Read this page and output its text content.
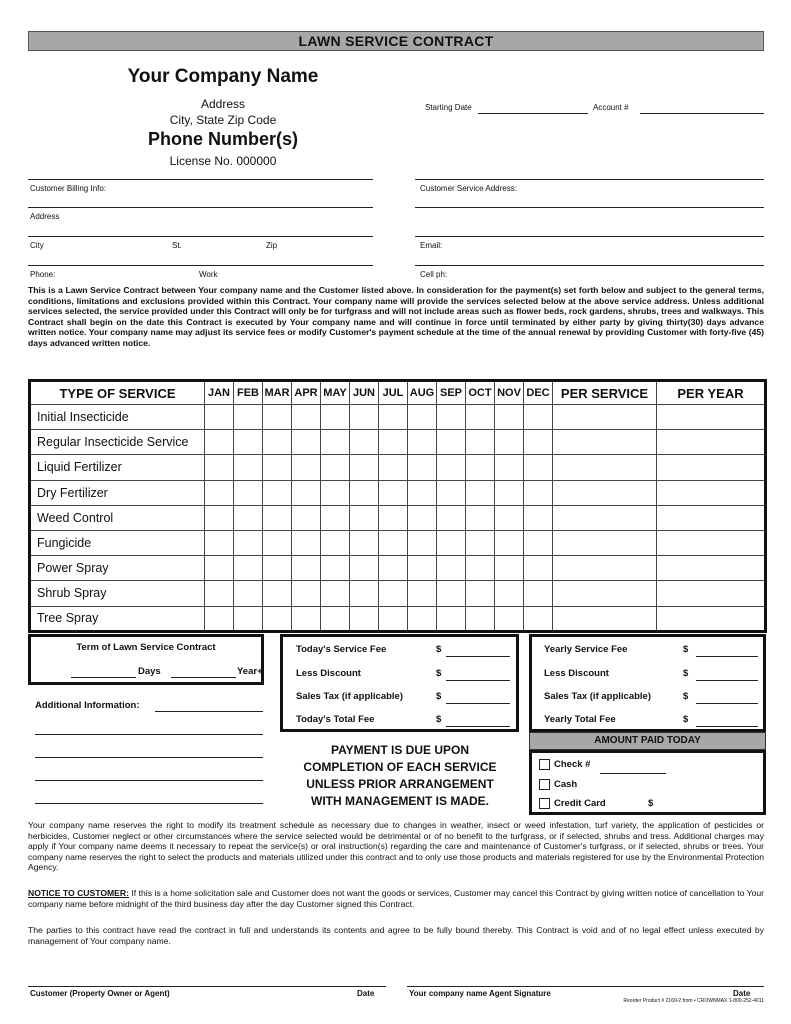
LAWN SERVICE CONTRACT
Your Company Name
Address
City, State Zip Code
Phone Number(s)
License No. 000000
Starting Date	Account #
Customer Billing Info:
Address
City	St.	Zip
Phone:	Work
Customer Service Address:
Email:
Cell ph:
This is a Lawn Service Contract between Your company name and the Customer listed above. In consideration for the payment(s) set forth below and subject to the general terms, conditions, limitations and exclusions provided within this Contract. Your company name will provide the services selected below at the above service address. Unless additional services selected, the service provided under this Contract will only be for turfgrass and will not include areas such as flower beds, rock gardens, shrubs, trees and walkways. This Contract shall begin on the date this Contract is executed by Your company name and will continue in force until terminated by either party by giving thirty(30) days advance written notice. Your company name may adjust its service fees or modify Customer's payment schedule at the time of the annual renewal by providing Customer with forty-five (45) days advanced written notice.
TYPE OF SERVICE	JAN	FEB	MAR	APR	MAY	JUN	JUL	AUG	SEP	OCT	NOV	DEC	PER SERVICE	PER YEAR
Initial Insecticide														
Regular Insecticide Service														
Liquid Fertilizer														
Dry Fertilizer														
Weed Control														
Fungicide														
Power Spray														
Shrub Spray														
Tree Spray														
Term of Lawn Service Contract
Days	Year+
Additional Information:
Today's Service Fee	$
Less Discount	$
Sales Tax (if applicable)	$
Today's Total Fee	$
PAYMENT IS DUE UPON
COMPLETION OF EACH SERVICE
UNLESS PRIOR ARRANGEMENT
WITH MANAGEMENT IS MADE.
Yearly Service Fee	$
Less Discount	$
Sales Tax (if applicable)	$
Yearly Total Fee	$
AMOUNT PAID TODAY
Check #
Cash
Credit Card	$
Your company name reserves the right to modify its treatment schedule as necessary due to changes in weather, insect or weed infestation, turf variety, the application of pesticides or herbicides, Customer neglect or other circumstances where the service selected would be detrimental or of no benefit to the turfgrass, or if selected, shrubs and tress. Additional charges may apply if Your company name deems it necessary to repeat the service(s) or oral instruction(s) regarding the care and maintenance of Customer's turfgrass, or if selected, shrubs or trees. Your company name reserves the right to select the products and materials utilized under this contract and to only use those products and materials registered for use by the Environmental Protection Agency.
NOTICE TO CUSTOMER: If this is a home solicitation sale and Customer does not want the goods or services, Customer may cancel this Contract by giving written notice of cancellation to Your company name before midnight of the third business day after the day Customer signed this Contract.
The parties to this contract have read the contract in full and understands its contents and agree to be fully bound thereby. This Contract is void and of no legal effect unless executed by management of Your company name.
Customer (Property Owner or Agent)	Date	Your company name Agent Signature	Date
Reorder Product # 2169-2 from • CROWNMAX 1-800-252-4011
